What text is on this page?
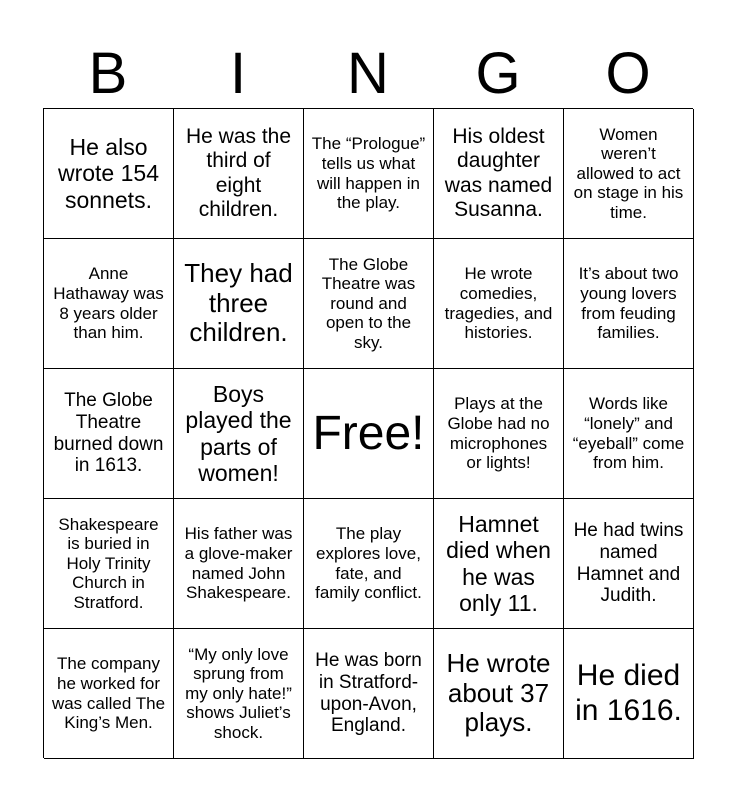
B	I	N	G	O
He also wrote 154 sonnets.
He was the third of eight children.
The “Prologue” tells us what will happen in the play.
His oldest daughter was named Susanna.
Women weren’t allowed to act on stage in his time.
Anne Hathaway was 8 years older than him.
They had three children.
The Globe Theatre was round and open to the sky.
He wrote comedies, tragedies, and histories.
It’s about two young lovers from feuding families.
The Globe Theatre burned down in 1613.
Boys played the parts of women!
Free!
Plays at the Globe had no microphones or lights!
Words like “lonely” and “eyeball” come from him.
Shakespeare is buried in Holy Trinity Church in Stratford.
His father was a glove-maker named John Shakespeare.
The play explores love, fate, and family conflict.
Hamnet died when he was only 11.
He had twins named Hamnet and Judith.
The company he worked for was called The King’s Men.
“My only love sprung from my only hate!” shows Juliet’s shock.
He was born in Stratford-upon-Avon, England.
He wrote about 37 plays.
He died in 1616.
